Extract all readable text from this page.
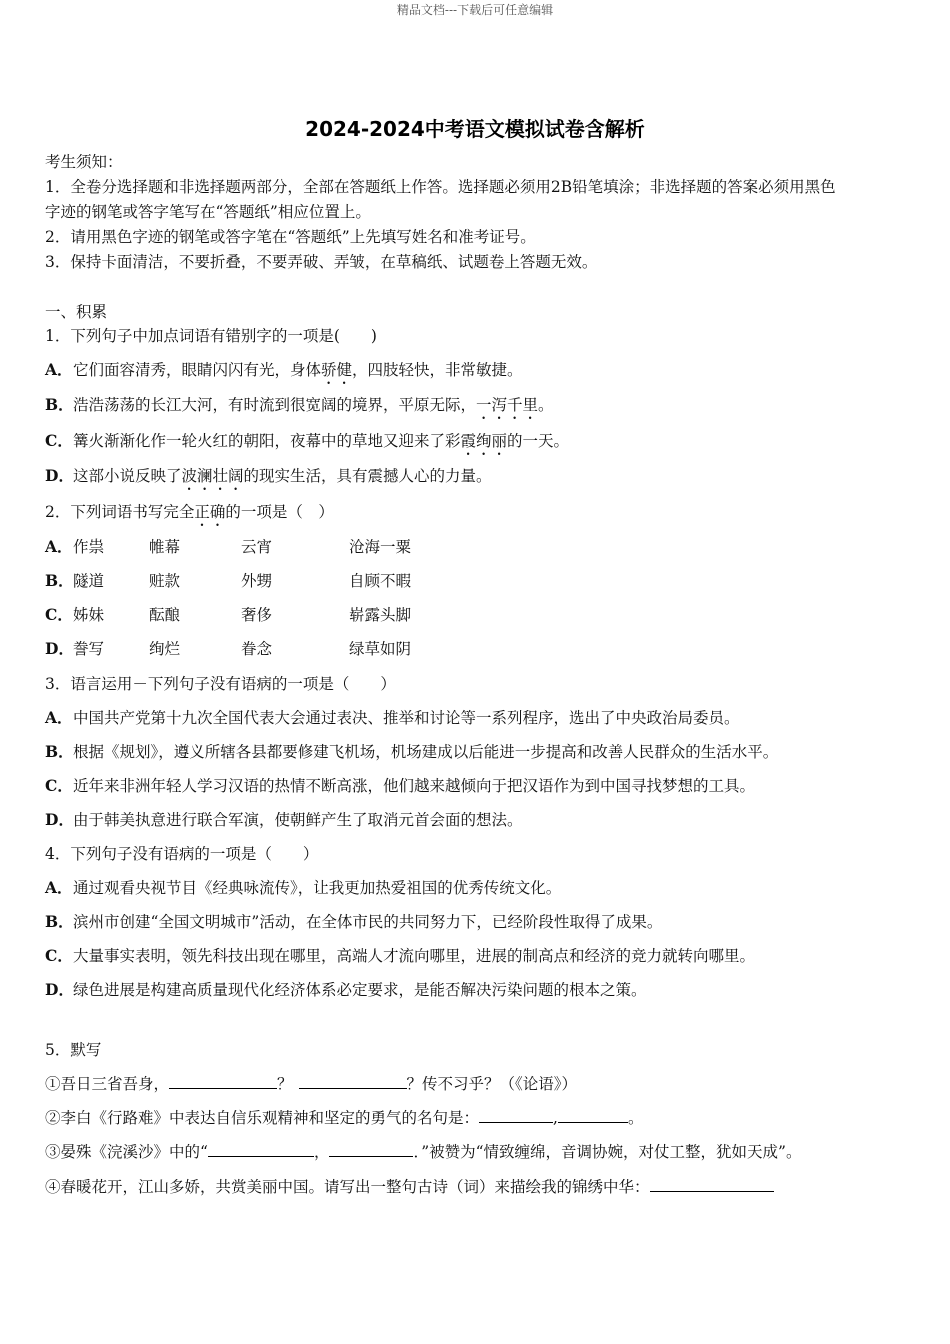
精品文档---下载后可任意编辑
2024-2024中考语文模拟试卷含解析
考生须知：
1．全卷分选择题和非选择题两部分，全部在答题纸上作答。选择题必须用2B铅笔填涂；非选择题的答案必须用黑色
字迹的钢笔或答字笔写在“答题纸”相应位置上。
2．请用黑色字迹的钢笔或答字笔在“答题纸”上先填写姓名和准考证号。
3．保持卡面清洁，不要折叠，不要弄破、弄皱，在草稿纸、试题卷上答题无效。
一、积累
1．下列句子中加点词语有错别字的一项是(　　)
A．它们面容清秀，眼睛闪闪有光，身体骄健，四肢轻快，非常敏捷。
B．浩浩荡荡的长江大河，有时流到很宽阔的境界，平原无际，一泻千里。
C．篝火渐渐化作一轮火红的朝阳，夜幕中的草地又迎来了彩霞绚丽的一天。
D．这部小说反映了波澜壮阔的现实生活，具有震撼人心的力量。
2．下列词语书写完全正确的一项是（　）
A．作祟	帷幕	云宵	沧海一粟
B．隧道	赃款	外甥	自顾不暇
C．姊妹	酝酿	奢侈	崭露头脚
D．誊写	绚烂	眷念	绿草如阴
3．语言运用－下列句子没有语病的一项是（　　）
A．中国共产党第十九次全国代表大会通过表决、推举和讨论等一系列程序，选出了中央政治局委员。
B．根据《规划》，遵义所辖各县都要修建飞机场，机场建成以后能进一步提高和改善人民群众的生活水平。
C．近年来非洲年轻人学习汉语的热情不断高涨，他们越来越倾向于把汉语作为到中国寻找梦想的工具。
D．由于韩美执意进行联合军演，使朝鲜产生了取消元首会面的想法。
4．下列句子没有语病的一项是（　　）
A．通过观看央视节目《经典咏流传》，让我更加热爱祖国的优秀传统文化。
B．滨州市创建“全国文明城市”活动，在全体市民的共同努力下，已经阶段性取得了成果。
C．大量事实表明，领先科技出现在哪里，高端人才流向哪里，进展的制高点和经济的竞力就转向哪里。
D．绿色进展是构建高质量现代化经济体系必定要求，是能否解决污染问题的根本之策。
5．默写
①吾日三省吾身，	？	？传不习乎？（《论语》）
②李白《行路难》中表达自信乐观精神和坚定的勇气的名句是：	,	。
③晏殊《浣溪沙》中的“	，	．”被赞为“情致缠绵，音调协婉，对仗工整，犹如天成”。
④春暖花开，江山多娇，共赏美丽中国。请写出一整句古诗（词）来描绘我的锦绣中华：
